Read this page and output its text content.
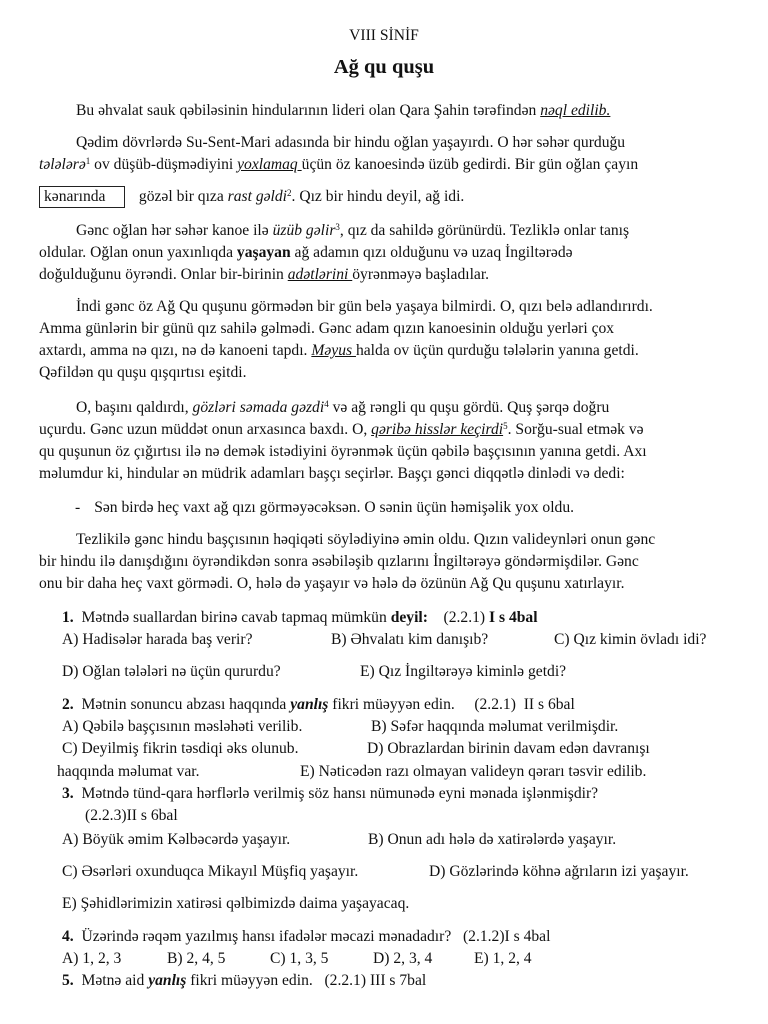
VIII SİNİF
Ağ qu quşu
Bu əhvalat sauk qəbiləsinin hindularının lideri olan Qara Şahin tərəfindən nəql edilib.
Qədim dövrlərdə Su-Sent-Mari adasında bir hindu oğlan yaşayırdı. O hər səhər qurduğu
tələlərə$^1$ ov düşüb-düşmədiyini yoxlamaq üçün öz kanoesində üzüb gedirdi. Bir gün oğlan çayın
kənarında gözəl bir qıza rast gəldi$^2$. Qız bir hindu deyil, ağ idi.
Gənc oğlan hər səhər kanoe ilə üzüb gəlir$^3$, qız da sahildə görünürdü. Tezliklə onlar tanış
oldular. Oğlan onun yaxınlıqda yaşayan ağ adamın qızı olduğunu və uzaq İngiltərədə
doğulduğunu öyrəndi. Onlar bir-birinin adətlərini öyrənməyə başladılar.
İndi gənc öz Ağ Qu quşunu görmədən bir gün belə yaşaya bilmirdi. O, qızı belə adlandırırdı.
Amma günlərin bir günü qız sahilə gəlmədi. Gənc adam qızın kanoesinin olduğu yerləri çox
axtardı, amma nə qızı, nə də kanoeni tapdı. Məyus halda ov üçün qurduğu tələlərin yanına getdi.
Qəfildən qu quşu qışqırtısı eşitdi.
O, başını qaldırdı, gözləri səmada gəzdi$^4$ və ağ rəngli qu quşu gördü. Quş şərqə doğru
uçurdu. Gənc uzun müddət onun arxasınca baxdı. O, qəribə hisslər keçirdi$^5$. Sorğu-sual etmək və
qu quşunun öz çığırtısı ilə nə demək istədiyini öyrənmək üçün qəbilə başçısının yanına getdi. Axı
məlumdur ki, hindular ən müdrik adamları başçı seçirlər. Başçı gənci diqqətlə dinlədi və dedi:
- Sən birdə heç vaxt ağ qızı görməyəcəksən. O sənin üçün həmişəlik yox oldu.
Tezlikilə gənc hindu başçısının həqiqəti söylədiyinə əmin oldu. Qızın valideynləri onun gənc
bir hindu ilə danışdığını öyrəndikdən sonra əsəbiləşib qızlarını İngiltərəyə göndərmişdilər. Gənc
onu bir daha heç vaxt görmədi. O, hələ də yaşayır və hələ də özünün Ağ Qu quşunu xatırlayır.
1. Mətndə suallardan birinə cavab tapmaq mümkün deyil: (2.2.1) I s 4bal
A) Hadisələr harada baş verir?	B) Əhvalatı kim danışıb?	C) Qız kimin övladı idi?
D) Oğlan tələləri nə üçün qururdu?	E) Qız İngiltərəyə kiminlə getdi?
2. Mətnin sonuncu abzası haqqında yanlış fikri müəyyən edin. (2.2.1) II s 6bal
A) Qəbilə başçısının məsləhəti verilib.	B) Səfər haqqında məlumat verilmişdir.
C) Deyilmiş fikrin təsdiqi əks olunub.	D) Obrazlardan birinin davam edən davranışı
haqqında məlumat var.	E) Nəticədən razı olmayan valideyn qərarı təsvir edilib.
3. Mətndə tünd-qara hərflərlə verilmiş söz hansı nümunədə eyni mənada işlənmişdir?
(2.2.3)II s 6bal
A) Böyük əmim Kəlbəcərdə yaşayır.	B) Onun adı hələ də xatirələrdə yaşayır.
C) Əsərləri oxunduqca Mikayıl Müşfiq yaşayır.	D) Gözlərində köhnə ağrıların izi yaşayır.
E) Şəhidlərimizin xatirəsi qəlbimizdə daima yaşayacaq.
4. Üzərində rəqəm yazılmış hansı ifadələr məcazi mənadadır? (2.1.2)I s 4bal
A) 1, 2, 3	B) 2, 4, 5	C) 1, 3, 5	D) 2, 3, 4	E) 1, 2, 4
5. Mətnə aid yanlış fikri müəyyən edin. (2.2.1) III s 7bal
